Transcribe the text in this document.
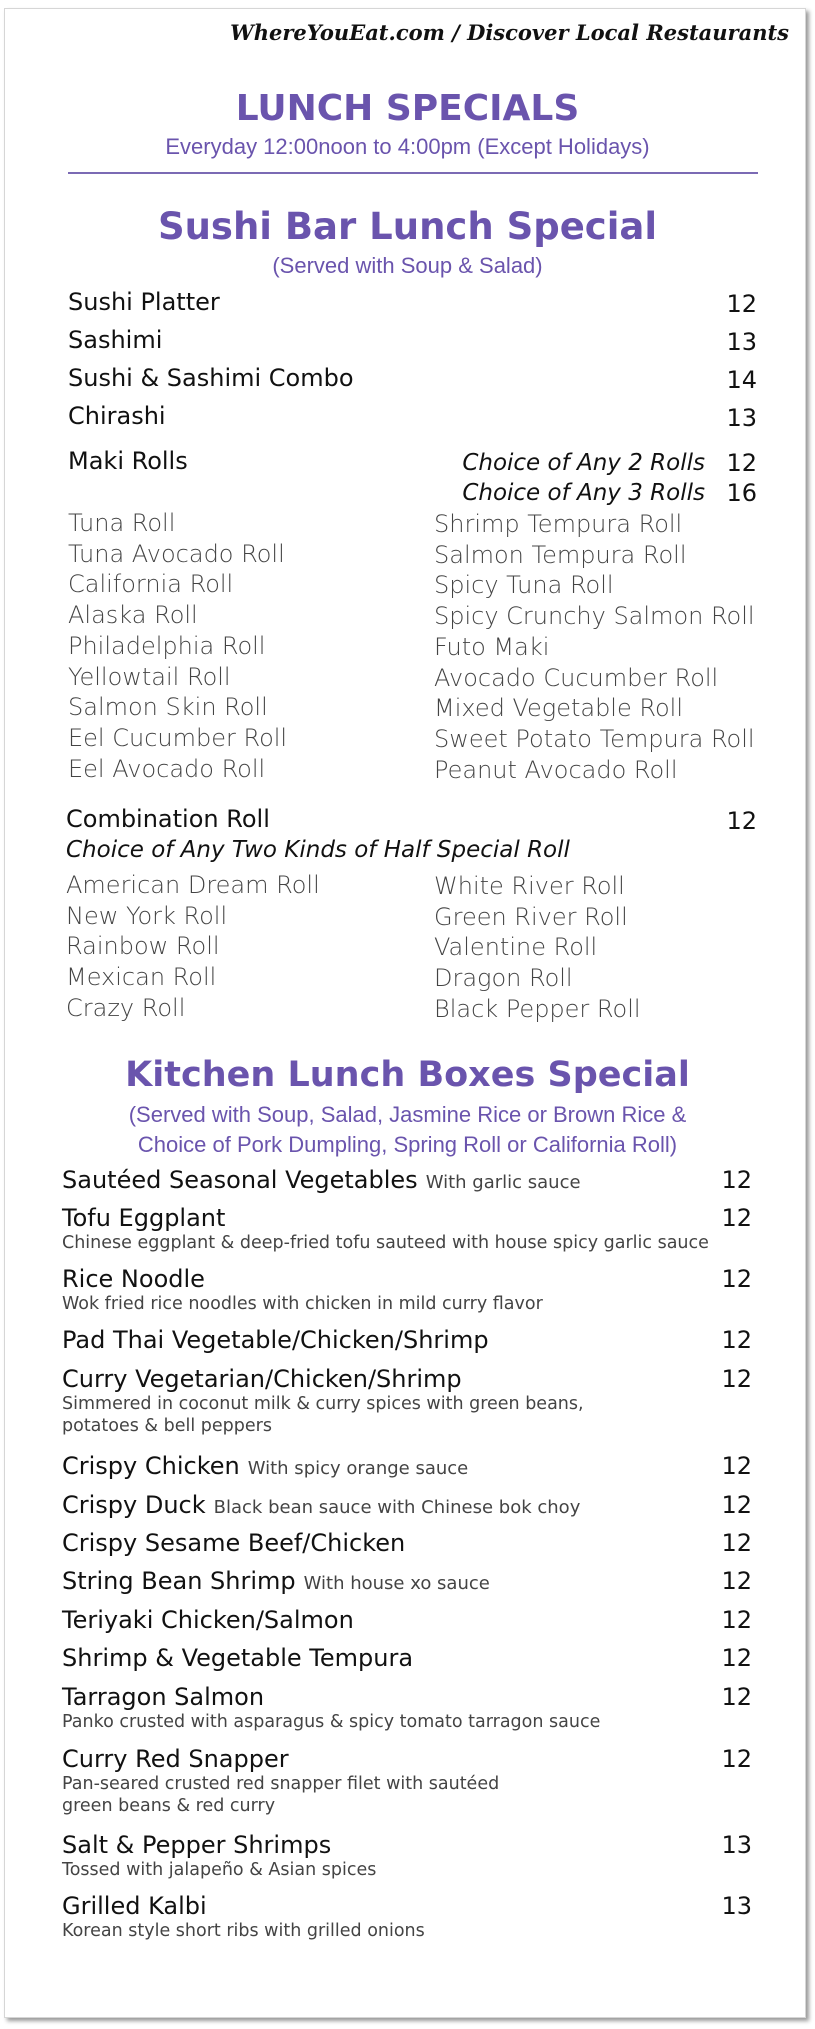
WhereYouEat.com / Discover Local Restaurants
LUNCH SPECIALS
Everyday 12:00noon to 4:00pm (Except Holidays)
Sushi Bar Lunch Special
(Served with Soup & Salad)
Sushi Platter	12
Sashimi	13
Sushi & Sashimi Combo	14
Chirashi	13
Maki Rolls	Choice of Any 2 Rolls 12
Choice of Any 3 Rolls 16
Tuna Roll
Tuna Avocado Roll
California Roll
Alaska Roll
Philadelphia Roll
Yellowtail Roll
Salmon Skin Roll
Eel Cucumber Roll
Eel Avocado Roll
Shrimp Tempura Roll
Salmon Tempura Roll
Spicy Tuna Roll
Spicy Crunchy Salmon Roll
Futo Maki
Avocado Cucumber Roll
Mixed Vegetable Roll
Sweet Potato Tempura Roll
Peanut Avocado Roll
Combination Roll	12
Choice of Any Two Kinds of Half Special Roll
American Dream Roll
New York Roll
Rainbow Roll
Mexican Roll
Crazy Roll
White River Roll
Green River Roll
Valentine Roll
Dragon Roll
Black Pepper Roll
Kitchen Lunch Boxes Special
(Served with Soup, Salad, Jasmine Rice or Brown Rice &
Choice of Pork Dumpling, Spring Roll or California Roll)
Sautéed Seasonal Vegetables With garlic sauce	12
Tofu Eggplant
Chinese eggplant & deep-fried tofu sauteed with house spicy garlic sauce
12
Rice Noodle
Wok fried rice noodles with chicken in mild curry flavor
12
Pad Thai Vegetable/Chicken/Shrimp	12
Curry Vegetarian/Chicken/Shrimp
Simmered in coconut milk & curry spices with green beans,
potatoes & bell peppers
12
Crispy Chicken With spicy orange sauce	12
Crispy Duck Black bean sauce with Chinese bok choy	12
Crispy Sesame Beef/Chicken	12
String Bean Shrimp With house xo sauce	12
Teriyaki Chicken/Salmon	12
Shrimp & Vegetable Tempura	12
Tarragon Salmon
Panko crusted with asparagus & spicy tomato tarragon sauce
12
Curry Red Snapper
Pan-seared crusted red snapper filet with sautéed
green beans & red curry
12
Salt & Pepper Shrimps
Tossed with jalapeño & Asian spices
13
Grilled Kalbi
Korean style short ribs with grilled onions
13
